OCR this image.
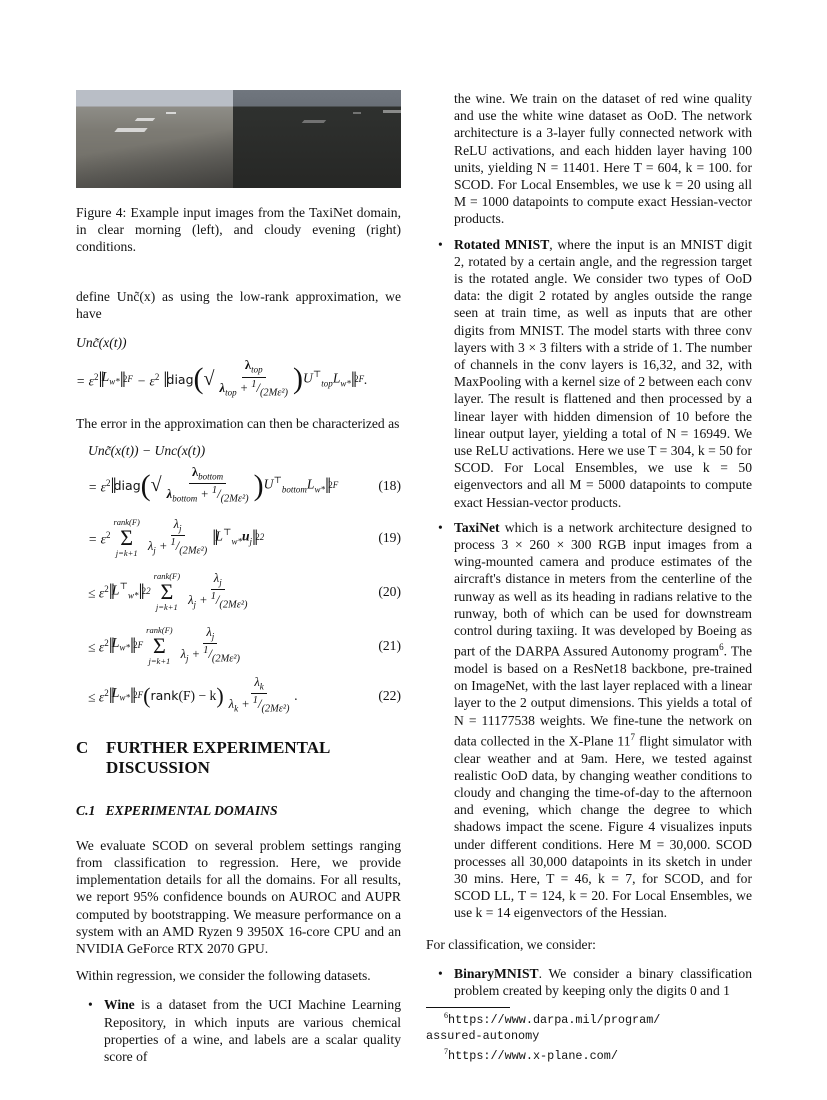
Figure 4: Example input images from the TaxiNet domain, in clear morning (left), and cloudy evening (right) conditions.

define Unc̃(x) as using the low-rank approximation, we have

Unc̃(x(t))
= $\varepsilon^2$ ‖ $L_{w*}$ ‖ 2 $F - \varepsilon^2$ ‖ diag ( √ $\frac{\lambda_{top}}{\lambda_{top} + ^1/_{(2M\varepsilon^2)}}$ ) $U^⊤_{top}L_{w*}$ ‖ 2 F .

The error in the approximation can then be characterized as

Unc̃(x(t)) − Unc(x(t))
= $\varepsilon^2$ ‖ diag ( √ $\frac{\lambda_{bottom}}{\lambda_{bottom} + ^1/_{(2M\varepsilon^2)}}$ ) $U^⊤_{bottom}L_{w*}$ ‖ 2 F	(18)
= $\varepsilon^2$
rank(F)
Σ
$j=k+1 \frac{\lambda_j}{\lambda_j + ^1/_{(2M\varepsilon^2)}}$ ‖ $L^⊤_{w*}u_j$ ‖ 2 2	(19)
≤ $\varepsilon^2$ ‖ $L^⊤_{w*}$ ‖ 2 2
rank(F)
Σ
$j=k+1 \frac{\lambda_j}{\lambda_j + ^1/_{(2M\varepsilon^2)}}$	(20)
≤ $\varepsilon^2$ ‖ $L_{w*}$ ‖ 2 F
rank(F)
Σ
$j=k+1 \frac{\lambda_j}{\lambda_j + ^1/_{(2M\varepsilon^2)}}$	(21)
≤ $\varepsilon^2$ ‖ $L_{w*}$ ‖ 2 F ( rank (F) − k ) $\frac{\lambda_k}{\lambda_k + ^1/_{(2M\varepsilon^2)}}$ .	(22)
C	FURTHER EXPERIMENTAL
DISCUSSION
C.1   EXPERIMENTAL DOMAINS

We evaluate SCOD on several problem settings ranging from classification to regression. Here, we provide implementation details for all the domains. For all results, we report 95% confidence bounds on AUROC and AUPR computed by bootstrapping. We measure performance on a system with an AMD Ryzen 9 3950X 16-core CPU and an NVIDIA GeForce RTX 2070 GPU.

Within regression, we consider the following datasets.

• Wine is a dataset from the UCI Machine Learning Repository, in which inputs are various chemical properties of a wine, and labels are a scalar quality score of

the wine. We train on the dataset of red wine quality and use the white wine dataset as OoD. The network architecture is a 3-layer fully connected network with ReLU activations, and each hidden layer having 100 units, yielding N = 11401. Here T = 604, k = 100. for SCOD. For Local Ensembles, we use k = 20 using all M = 1000 datapoints to compute exact Hessian-vector products.

• Rotated MNIST, where the input is an MNIST digit 2, rotated by a certain angle, and the regression target is the rotated angle. We consider two types of OoD data: the digit 2 rotated by angles outside the range seen at train time, as well as inputs that are other digits from MNIST. The model starts with three conv layers with 3 × 3 filters with a stride of 1. The number of channels in the conv layers is 16,32, and 32, with MaxPooling with a kernel size of 2 between each conv layer. The result is flattened and then processed by a linear layer with hidden dimension of 10 before the linear output layer, yielding a total of N = 16949. We use ReLU activations. Here we use T = 304, k = 50 for SCOD. For Local Ensembles, we use k = 50 eigenvectors and all M = 5000 datapoints to compute exact Hessian-vector products.
• TaxiNet which is a network architecture designed to process 3 × 260 × 300 RGB input images from a wing-mounted camera and produce estimates of the aircraft's distance in meters from the centerline of the runway as well as its heading in radians relative to the runway, both of which can be used for downstream control during taxiing. It was developed by Boeing as part of the DARPA Assured Autonomy program$^6$. The model is based on a ResNet18 backbone, pre-trained on ImageNet, with the last layer replaced with a linear layer to the 2 output dimensions. This yields a total of N = 11177538 weights. We fine-tune the network on data collected in the X-Plane $11^7$ flight simulator with clear weather and at 9am. Here, we tested against realistic OoD data, by changing weather conditions to cloudy and changing the time-of-day to the afternoon and evening, which change the degree to which shadows impact the scene. Figure 4 visualizes inputs under different conditions. Here M = 30,000. SCOD processes all 30,000 datapoints in its sketch in under 30 mins. Here, T = 46, k = 7, for SCOD, and for SCOD LL, T = 124, k = 20. For Local Ensembles, we use k = 14 eigenvectors of the Hessian.

For classification, we consider:

• BinaryMNIST. We consider a binary classification problem created by keeping only the digits 0 and 1

$^6$https://www.darpa.mil/program/

assured-autonomy

$^7$https://www.x-plane.com/
